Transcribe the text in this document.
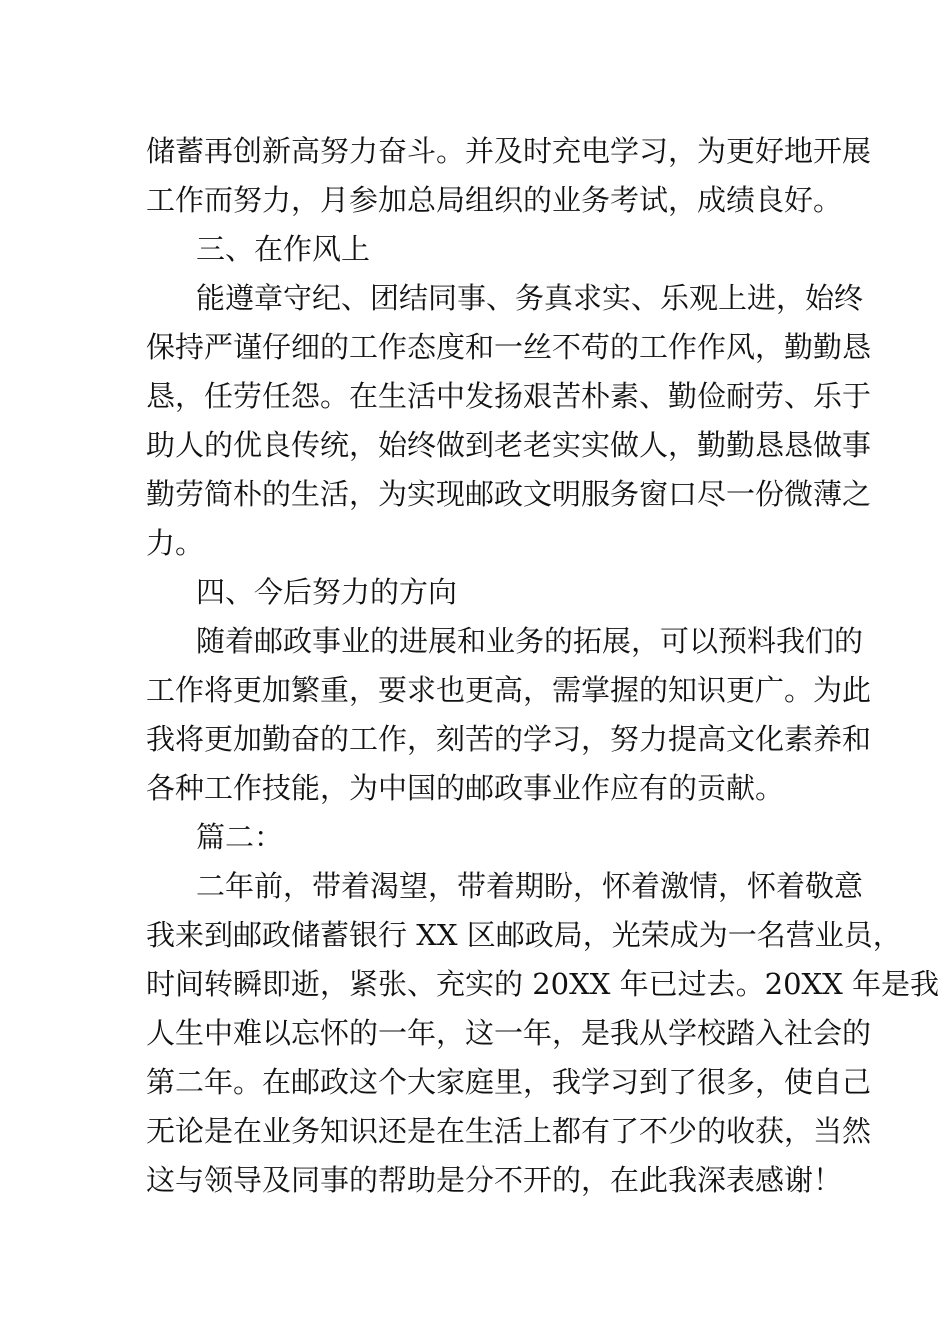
储蓄再创新高努力奋斗。并及时充电学习，为更好地开展
工作而努力，月参加总局组织的业务考试，成绩良好。
三、在作风上
能遵章守纪、团结同事、务真求实、乐观上进，始终
保持严谨仔细的工作态度和一丝不苟的工作作风，勤勤恳
恳，任劳任怨。在生活中发扬艰苦朴素、勤俭耐劳、乐于
助人的优良传统，始终做到老老实实做人，勤勤恳恳做事
勤劳简朴的生活，为实现邮政文明服务窗口尽一份微薄之
力。
四、今后努力的方向
随着邮政事业的进展和业务的拓展，可以预料我们的
工作将更加繁重，要求也更高，需掌握的知识更广。为此
我将更加勤奋的工作，刻苦的学习，努力提高文化素养和
各种工作技能，为中国的邮政事业作应有的贡献。
篇二：
二年前，带着渴望，带着期盼，怀着激情，怀着敬意
我来到邮政储蓄银行 XX 区邮政局，光荣成为一名营业员，
时间转瞬即逝，紧张、充实的 20XX 年已过去。20XX 年是我
人生中难以忘怀的一年，这一年，是我从学校踏入社会的
第二年。在邮政这个大家庭里，我学习到了很多，使自己
无论是在业务知识还是在生活上都有了不少的收获，当然
这与领导及同事的帮助是分不开的，在此我深表感谢！
